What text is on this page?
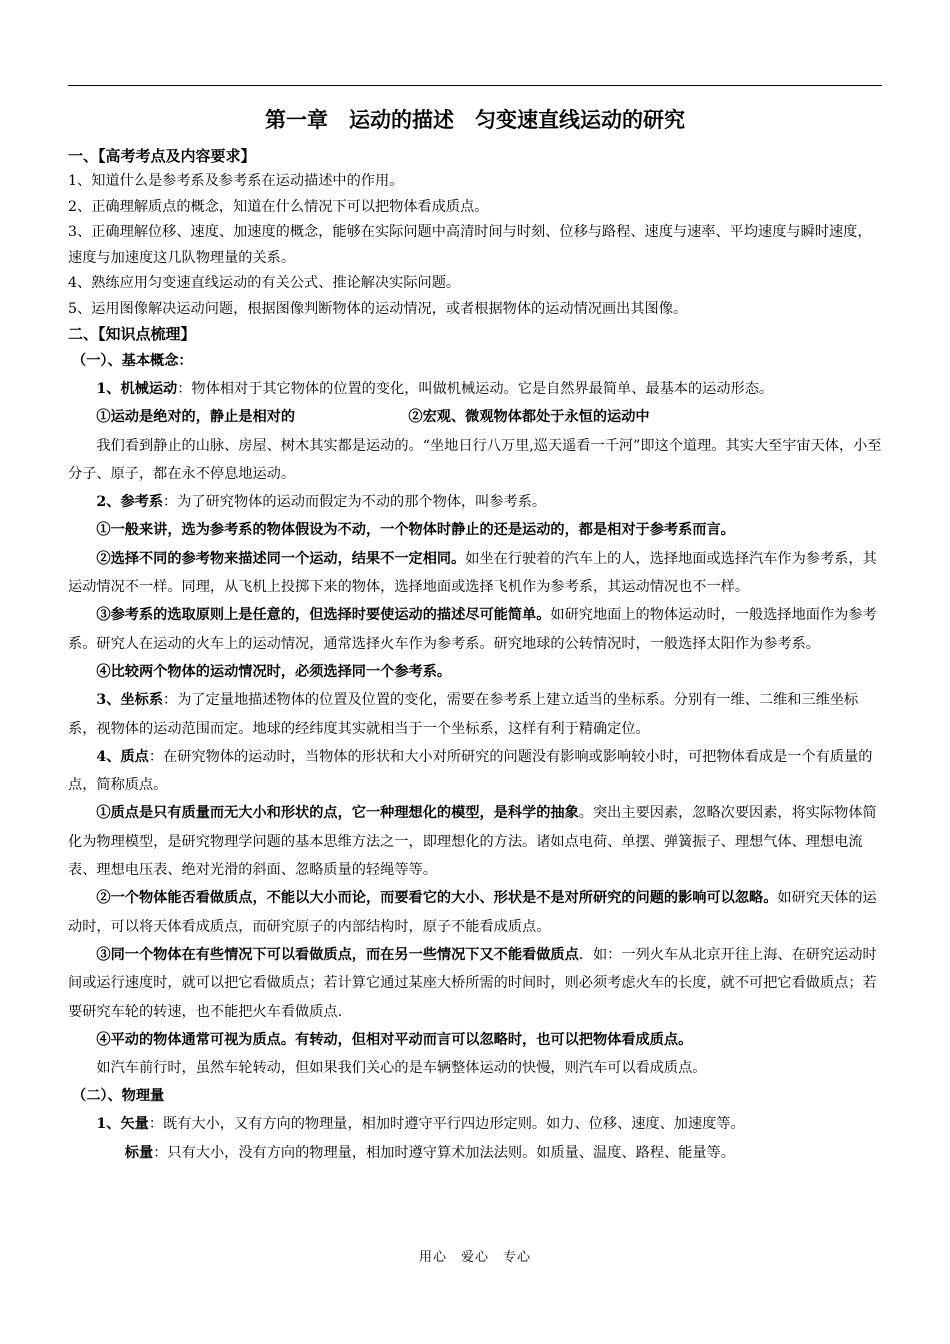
第一章　运动的描述　匀变速直线运动的研究
一、【高考考点及内容要求】
1、知道什么是参考系及参考系在运动描述中的作用。
2、正确理解质点的概念，知道在什么情况下可以把物体看成质点。
3、正确理解位移、速度、加速度的概念，能够在实际问题中高清时间与时刻、位移与路程、速度与速率、平均速度与瞬时速度，速度与加速度这几队物理量的关系。
4、熟练应用匀变速直线运动的有关公式、推论解决实际问题。
5、运用图像解决运动问题，根据图像判断物体的运动情况，或者根据物体的运动情况画出其图像。
二、【知识点梳理】
（一）、基本概念：
1、机械运动：物体相对于其它物体的位置的变化，叫做机械运动。它是自然界最简单、最基本的运动形态。
①运动是绝对的，静止是相对的	②宏观、微观物体都处于永恒的运动中
我们看到静止的山脉、房屋、树木其实都是运动的。“坐地日行八万里,巡天遥看一千河”即这个道理。其实大至宇宙天体，小至分子、原子，都在永不停息地运动。
2、参考系：为了研究物体的运动而假定为不动的那个物体，叫参考系。
①一般来讲，选为参考系的物体假设为不动，一个物体时静止的还是运动的，都是相对于参考系而言。
②选择不同的参考物来描述同一个运动，结果不一定相同。如坐在行驶着的汽车上的人，选择地面或选择汽车作为参考系，其运动情况不一样。同理，从飞机上投掷下来的物体，选择地面或选择飞机作为参考系，其运动情况也不一样。
③参考系的选取原则上是任意的，但选择时要使运动的描述尽可能简单。如研究地面上的物体运动时，一般选择地面作为参考系。研究人在运动的火车上的运动情况，通常选择火车作为参考系。研究地球的公转情况时，一般选择太阳作为参考系。
④比较两个物体的运动情况时，必须选择同一个参考系。
3、坐标系：为了定量地描述物体的位置及位置的变化，需要在参考系上建立适当的坐标系。分别有一维、二维和三维坐标系，视物体的运动范围而定。地球的经纬度其实就相当于一个坐标系，这样有利于精确定位。
4、质点：在研究物体的运动时，当物体的形状和大小对所研究的问题没有影响或影响较小时，可把物体看成是一个有质量的点，简称质点。
①质点是只有质量而无大小和形状的点，它一种理想化的模型，是科学的抽象。突出主要因素，忽略次要因素，将实际物体简化为物理模型，是研究物理学问题的基本思维方法之一，即理想化的方法。诸如点电荷、单摆、弹簧振子、理想气体、理想电流表、理想电压表、绝对光滑的斜面、忽略质量的轻绳等等。
②一个物体能否看做质点，不能以大小而论，而要看它的大小、形状是不是对所研究的问题的影响可以忽略。如研究天体的运动时，可以将天体看成质点，而研究原子的内部结构时，原子不能看成质点。
③同一个物体在有些情况下可以看做质点，而在另一些情况下又不能看做质点．如：一列火车从北京开往上海、在研究运动时间或运行速度时，就可以把它看做质点；若计算它通过某座大桥所需的时间时，则必须考虑火车的长度，就不可把它看做质点；若要研究车轮的转速，也不能把火车看做质点.
④平动的物体通常可视为质点。有转动，但相对平动而言可以忽略时，也可以把物体看成质点。
如汽车前行时，虽然车轮转动，但如果我们关心的是车辆整体运动的快慢，则汽车可以看成质点。
（二）、物理量
1、矢量：既有大小，又有方向的物理量，相加时遵守平行四边形定则。如力、位移、速度、加速度等。
标量：只有大小，没有方向的物理量，相加时遵守算术加法法则。如质量、温度、路程、能量等。
用心　爱心　专心
